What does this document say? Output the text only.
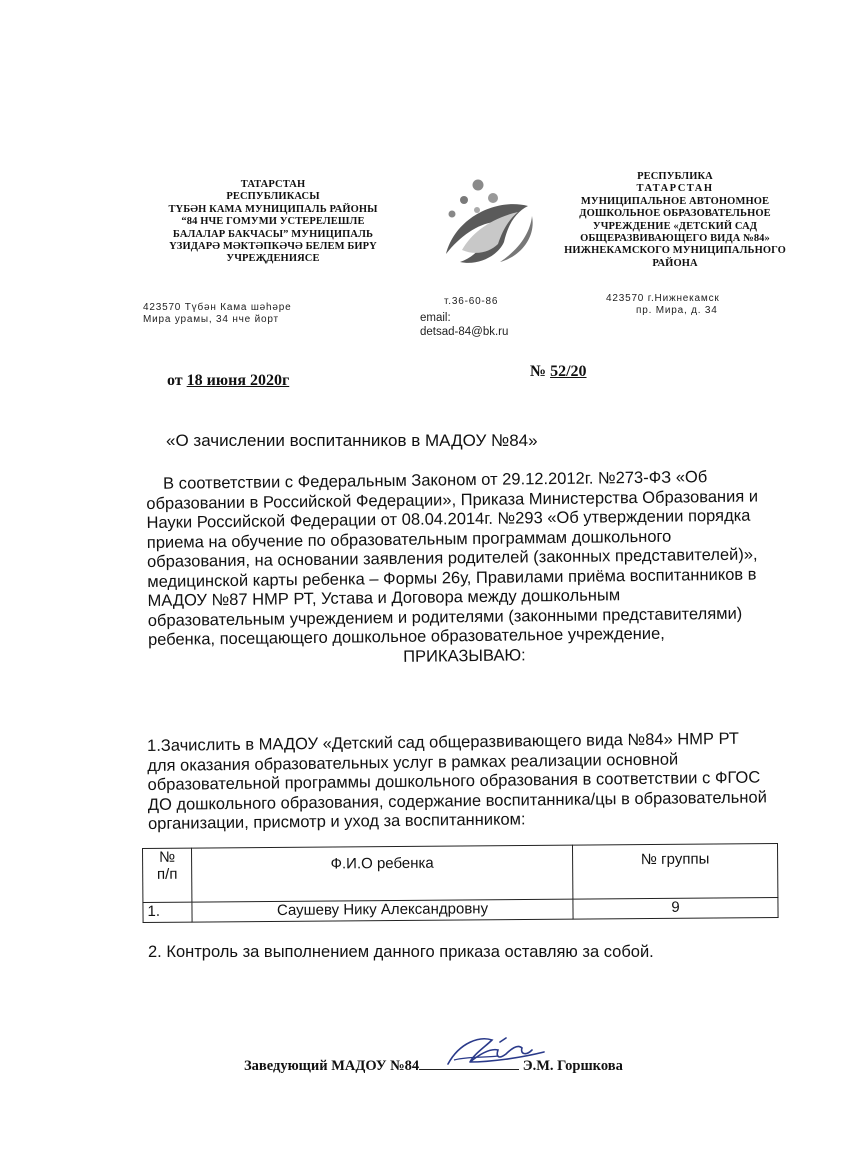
ТАТАРСТАН
РЕСПУБЛИКАСЫ
ТҮБӘН КАМА МУНИЦИПАЛЬ РАЙОНЫ
“84 НЧЕ ГОМУМИ УСТЕРЕЛЕШЛЕ
БАЛАЛАР БАКЧАСЫ” МУНИЦИПАЛЬ
ҮЗИДАРӘ МӘКТӘПКӘЧӘ БЕЛЕМ БИРҮ
УЧРЕҖДЕНИЯСЕ
РЕСПУБЛИКА
ТАТАРСТАН
МУНИЦИПАЛЬНОЕ АВТОНОМНОЕ
ДОШКОЛЬНОЕ ОБРАЗОВАТЕЛЬНОЕ
УЧРЕЖДЕНИЕ «ДЕТСКИЙ САД
ОБЩЕРАЗВИВАЮЩЕГО ВИДА №84»
НИЖНЕКАМСКОГО МУНИЦИПАЛЬНОГО
РАЙОНА
423570 Түбән Кама шәһәре
Мира урамы, 34 нче йорт
т.36-60-86
email:
detsad-84@bk.ru
423570 г.Нижнекамск
пр. Мира, д. 34
от 18 июня 2020г
№ 52/20
«О зачислении воспитанников в МАДОУ №84»
В соответствии с Федеральным Законом от 29.12.2012г. №273-ФЗ «Об
образовании в Российской Федерации», Приказа Министерства Образования и
Науки Российской Федерации от 08.04.2014г. №293 «Об утверждении порядка
приема на обучение по образовательным программам дошкольного
образования, на основании заявления родителей (законных представителей)»,
медицинской карты ребенка – Формы 26у, Правилами приёма воспитанников в
МАДОУ №87 НМР РТ, Устава и Договора между дошкольным
образовательным учреждением и родителями (законными представителями)
ребенка, посещающего дошкольное образовательное учреждение,
ПРИКАЗЫВАЮ:
1.Зачислить в МАДОУ «Детский сад общеразвивающего вида №84» НМР РТ
для оказания образовательных услуг в рамках реализации основной
образовательной программы дошкольного образования в соответствии с ФГОС
ДО дошкольного образования, содержание воспитанника/цы в образовательной
организации, присмотр и уход за воспитанником:
№
п/п	Ф.И.О ребенка	№ группы
1.	Саушеву Нику Александровну	9
2. Контроль за выполнением данного приказа оставляю за собой.
Заведующий МАДОУ №84	Э.М. Горшкова
